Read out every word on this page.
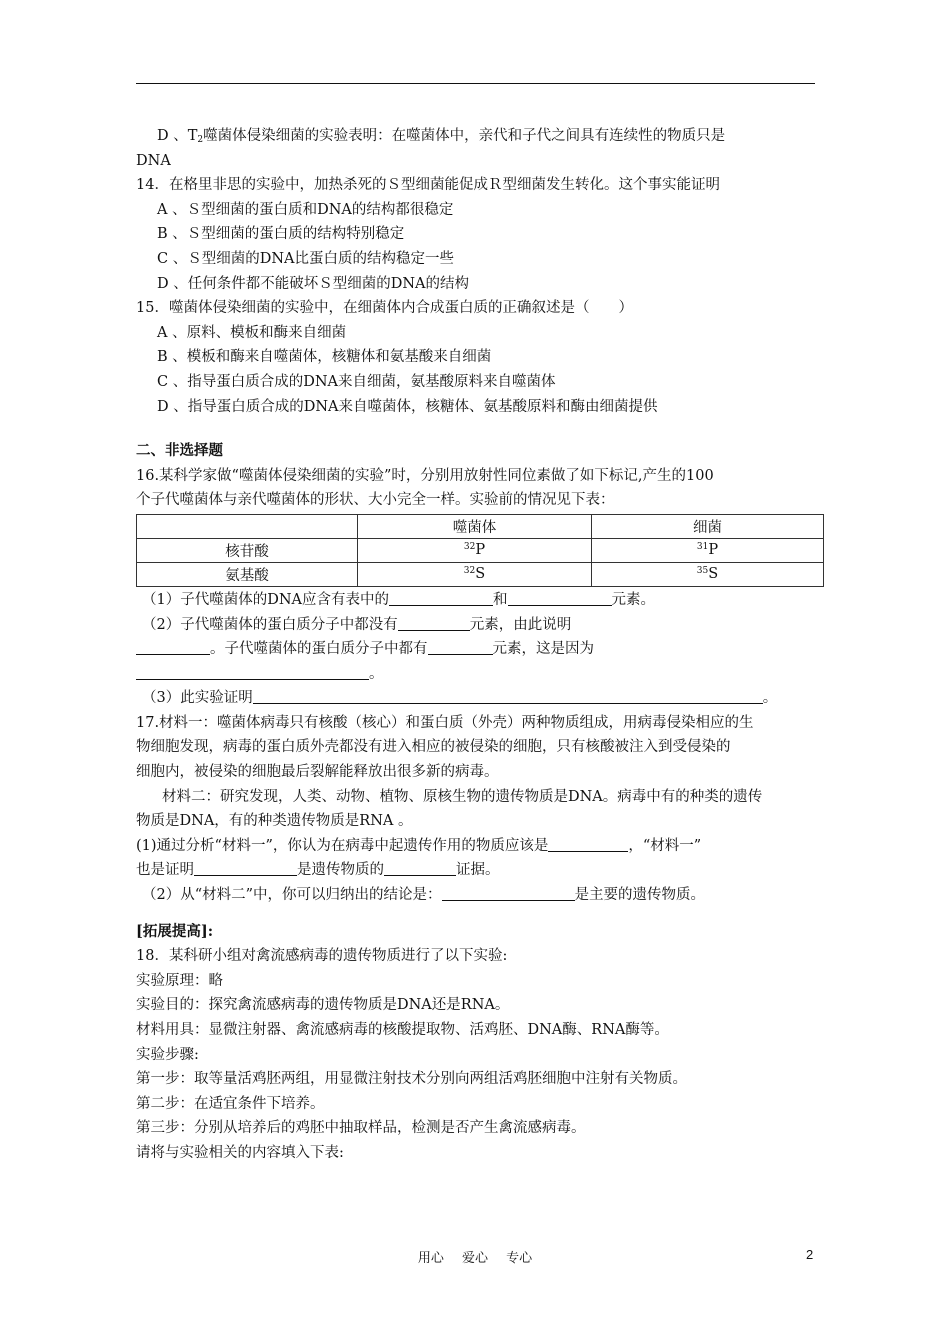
D 、$T_2$噬菌体侵染细菌的实验表明：在噬菌体中，亲代和子代之间具有连续性的物质只是
DNA
14．在格里非思的实验中，加热杀死的Ｓ型细菌能促成Ｒ型细菌发生转化。这个事实能证明
A 、Ｓ型细菌的蛋白质和DNA的结构都很稳定
B 、Ｓ型细菌的蛋白质的结构特别稳定
C 、Ｓ型细菌的DNA比蛋白质的结构稳定一些
D 、任何条件都不能破坏Ｓ型细菌的DNA的结构
15．噬菌体侵染细菌的实验中，在细菌体内合成蛋白质的正确叙述是（　　）
A 、原料、模板和酶来自细菌
B 、模板和酶来自噬菌体，核糖体和氨基酸来自细菌
C 、指导蛋白质合成的DNA来自细菌，氨基酸原料来自噬菌体
D 、指导蛋白质合成的DNA来自噬菌体，核糖体、氨基酸原料和酶由细菌提供
二、非选择题
16.某科学家做“噬菌体侵染细菌的实验”时，分别用放射性同位素做了如下标记,产生的100
个子代噬菌体与亲代噬菌体的形状、大小完全一样。实验前的情况见下表：
	噬菌体	细菌
核苷酸	$^{32}$P	$^{31}$P
氨基酸	$^{32}$S	$^{35}$S
（1）子代噬菌体的DNA应含有表中的	和	元素。
（2）子代噬菌体的蛋白质分子中都没有	元素，由此说明
。子代噬菌体的蛋白质分子中都有	元素，这是因为
。
（3）此实验证明	。
17.材料一：噬菌体病毒只有核酸（核心）和蛋白质（外壳）两种物质组成，用病毒侵染相应的生
物细胞发现，病毒的蛋白质外壳都没有进入相应的被侵染的细胞，只有核酸被注入到受侵染的
细胞内，被侵染的细胞最后裂解能释放出很多新的病毒。
材料二：研究发现，人类、动物、植物、原核生物的遗传物质是DNA。病毒中有的种类的遗传
物质是DNA，有的种类遗传物质是RNA 。
(1)通过分析“材料一”，你认为在病毒中起遗传作用的物质应该是	，“材料一”
也是证明	是遗传物质的	证据。
（2）从“材料二”中，你可以归纳出的结论是：	是主要的遗传物质。
[拓展提高]:
18．某科研小组对禽流感病毒的遗传物质进行了以下实验:
实验原理：略
实验目的：探究禽流感病毒的遗传物质是DNA还是RNA。
材料用具：显微注射器、禽流感病毒的核酸提取物、活鸡胚、DNA酶、RNA酶等。
实验步骤:
第一步：取等量活鸡胚两组，用显微注射技术分别向两组活鸡胚细胞中注射有关物质。
第二步：在适宜条件下培养。
第三步：分别从培养后的鸡胚中抽取样品，检测是否产生禽流感病毒。
请将与实验相关的内容填入下表:
用心 爱心 专心	2
